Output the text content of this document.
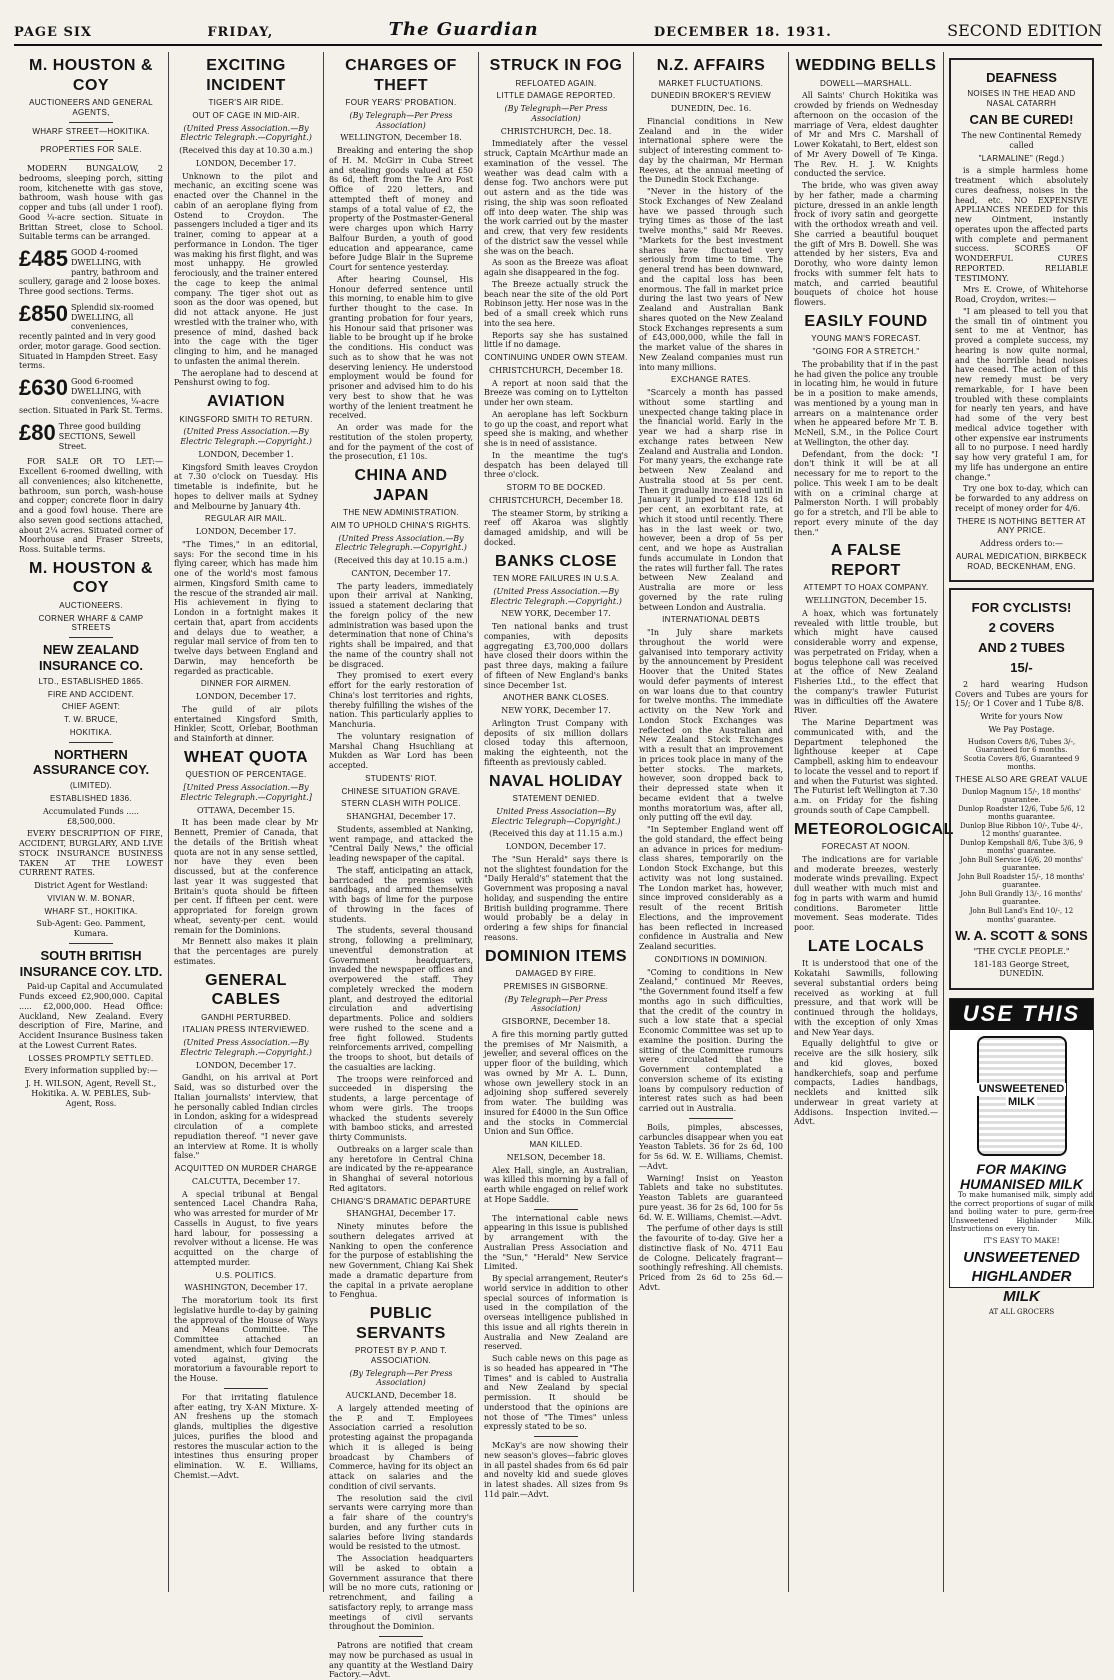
PAGE SIX	FRIDAY,	The Guardian	DECEMBER 18. 1931.	SECOND EDITION
M. HOUSTON & COY
AUCTIONEERS AND GENERAL AGENTS,
WHARF STREET—HOKITIKA.
PROPERTIES FOR SALE.

MODERN BUNGALOW, 2 bedrooms, sleeping porch, sitting room, kitchenette with gas stove, bathroom, wash house with gas copper and tubs (all under 1 roof). Good ¼-acre section. Situate in Brittan Street, close to School. Suitable terms can be arranged.

£485 GOOD 4-roomed DWELLING, with pantry, bathroom and scullery, garage and 2 loose boxes. Three good sections. Terms.
£850 Splendid six-roomed DWELLING, all conveniences, recently painted and in very good order, motor garage. Good section. Situated in Hampden Street. Easy terms.
£630 Good 6-roomed DWELLING, with conveniences, ¼-acre section. Situated in Park St. Terms.
£80 Three good building SECTIONS, Sewell Street.

FOR SALE OR TO LET:—Excellent 6-roomed dwelling, with all conveniences; also kitchenette, bathroom, sun porch, wash-house and copper; concrete floor in dairy and a good fowl house. There are also seven good sections attached, about 2¼ acres. Situated corner of Moorhouse and Fraser Streets, Ross. Suitable terms.

M. HOUSTON & COY
AUCTIONEERS.
CORNER WHARF & CAMP STREETS
NEW ZEALAND INSURANCE CO.
LTD., ESTABLISHED 1865.
FIRE AND ACCIDENT.
CHIEF AGENT:
T. W. BRUCE,
HOKITIKA.
NORTHERN ASSURANCE COY.
(LIMITED).
ESTABLISHED 1836.
Accumulated Funds ..... £8,500,000.

EVERY DESCRIPTION OF FIRE, ACCIDENT, BURGLARY, AND LIVE STOCK INSURANCE BUSINESS TAKEN AT THE LOWEST CURRENT RATES.

District Agent for Westland:
VIVIAN W. M. BONAR,
WHARF ST., HOKITIKA.
Sub-Agent: Geo. Pamment, Kumara.
SOUTH BRITISH INSURANCE COY. LTD.

Paid-up Capital and Accumulated Funds exceed £2,900,000. Capital ..... £2,000,000. Head Office: Auckland, New Zealand. Every description of Fire, Marine, and Accident Insurance Business taken at the Lowest Current Rates.

LOSSES PROMPTLY SETTLED.
Every information supplied by:—
J. H. WILSON, Agent, Revell St., Hokitika. A. W. PEBLES, Sub-Agent, Ross.
EXCITING INCIDENT
TIGER'S AIR RIDE.
OUT OF CAGE IN MID-AIR.
(United Press Association.—By Electric Telegraph.—Copyright.)
(Received this day at 10.30 a.m.)
LONDON, December 17.

Unknown to the pilot and mechanic, an exciting scene was enacted over the Channel in the cabin of an aeroplane flying from Ostend to Croydon. The passengers included a tiger and its trainer, coming to appear at a performance in London. The tiger was making his first flight, and was most unhappy. He growled ferociously, and the trainer entered the cage to keep the animal company. The tiger shot out as soon as the door was opened, but did not attack anyone. He just wrestled with the trainer who, with presence of mind, dashed back into the cage with the tiger clinging to him, and he managed to unfasten the animal therein.

The aeroplane had to descend at Penshurst owing to fog.

AVIATION
KINGSFORD SMITH TO RETURN.
(United Press Association.—By Electric Telegraph.—Copyright.)
LONDON, December 1.

Kingsford Smith leaves Croydon at 7.30 o'clock on Tuesday. His timetable is indefinite, but he hopes to deliver mails at Sydney and Melbourne by January 4th.

REGULAR AIR MAIL.
LONDON, December 17.

"The Times," in an editorial, says: For the second time in his flying career, which has made him one of the world's most famous airmen, Kingsford Smith came to the rescue of the stranded air mail. His achievement in flying to London in a fortnight makes it certain that, apart from accidents and delays due to weather, a regular mail service of from ten to twelve days between England and Darwin, may henceforth be regarded as practicable.

DINNER FOR AIRMEN.
LONDON, December 17.

The guild of air pilots entertained Kingsford Smith, Hinkler, Scott, Orlebar, Boothman and Stainforth at dinner.

WHEAT QUOTA
QUESTION OF PERCENTAGE.
[United Press Association.—By Electric Telegraph.—Copyright.]
OTTAWA, December 15.

It has been made clear by Mr Bennett, Premier of Canada, that the details of the British wheat quota are not in any sense settled, nor have they even been discussed, but at the conference last year it was suggested that Britain's quota should be fifteen per cent. If fifteen per cent. were appropriated for foreign grown wheat, seventy-per cent. would remain for the Dominions.

Mr Bennett also makes it plain that the percentages are purely estimates.

GENERAL CABLES
GANDHI PERTURBED.
ITALIAN PRESS INTERVIEWED.
(United Press Association.—By Electric Telegraph.—Copyright.)
LONDON, December 17.

Gandhi, on his arrival at Port Said, was so disturbed over the Italian journalists' interview, that he personally cabled Indian circles in London, asking for a widespread circulation of a complete repudiation thereof. "I never gave an interview at Rome. It is wholly false."

ACQUITTED ON MURDER CHARGE
CALCUTTA, December 17.

A special tribunal at Bengal sentenced Lacel Chandra Raha, who was arrested for murder of Mr Cassells in August, to five years hard labour, for possessing a revolver without a license. He was acquitted on the charge of attempted murder.

U.S. POLITICS.
WASHINGTON, December 17.

The moratorium took its first legislative hurdle to-day by gaining the approval of the House of Ways and Means Committee. The Committee attached an amendment, which four Democrats voted against, giving the moratorium a favourable report to the House.

For that irritating flatulence after eating, try X-AN Mixture. X-AN freshens up the stomach glands, multiplies the digestive juices, purifies the blood and restores the muscular action to the intestines thus ensuring proper elimination. W. E. Williams, Chemist.—Advt.

CHARGES OF THEFT
FOUR YEARS' PROBATION.
(By Telegraph—Per Press Association)
WELLINGTON, December 18.

Breaking and entering the shop of H. M. McGirr in Cuba Street and stealing goods valued at £50 8s 6d, theft from the Te Aro Post Office of 220 letters, and attempted theft of money and stamps of a total value of £2, the property of the Postmaster-General were charges upon which Harry Balfour Burden, a youth of good education and appearance, came before Judge Blair in the Supreme Court for sentence yesterday.

After hearing Counsel, His Honour deferred sentence until this morning, to enable him to give further thought to the case. In granting probation for four years, his Honour said that prisoner was liable to be brought up if he broke the conditions. His conduct was such as to show that he was not deserving leniency. He understood employment would be found for prisoner and advised him to do his very best to show that he was worthy of the lenient treatment he received.

An order was made for the restitution of the stolen property, and for the payment of the cost of the prosecution, £1 10s.

CHINA AND JAPAN
THE NEW ADMINISTRATION.
AIM TO UPHOLD CHINA'S RIGHTS.
(United Press Association.—By Electric Telegraph.—Copyright.)
(Received this day at 10.15 a.m.)
CANTON, December 17.

The party leaders, immediately upon their arrival at Nanking, issued a statement declaring that the foreign policy of the new administration was based upon the determination that none of China's rights shall be impaired, and that the name of the country shall not be disgraced.

They promised to exert every effort for the early restoration of China's lost territories and rights, thereby fulfilling the wishes of the nation. This particularly applies to Manchuria.

The voluntary resignation of Marshal Chang Hsuchliang at Mukden as War Lord has been accepted.

STUDENTS' RIOT.
CHINESE SITUATION GRAVE.
STERN CLASH WITH POLICE.
SHANGHAI, December 17.

Students, assembled at Nanking, went rampage, and attacked the "Central Daily News," the official leading newspaper of the capital.

The staff, anticipating an attack, barricaded the premises with sandbags, and armed themselves with bags of lime for the purpose of throwing in the faces of students.

The students, several thousand strong, following a preliminary, uneventful demonstration at Government headquarters, invaded the newspaper offices and overpowered the staff. They completely wrecked the modern plant, and destroyed the editorial circulation and advertising departments. Police and soldiers were rushed to the scene and a free fight followed. Students reinforcements arrived, compelling the troops to shoot, but details of the casualties are lacking.

The troops were reinforced and succeeded in dispersing the students, a large percentage of whom were girls. The troops whacked the students severely with bamboo sticks, and arrested thirty Communists.

Outbreaks on a larger scale than any heretofore in Central China are indicated by the re-appearance in Shanghai of several notorious Red agitators.

CHIANG'S DRAMATIC DEPARTURE
SHANGHAI, December 17.

Ninety minutes before the southern delegates arrived at Nanking to open the conference for the purpose of establishing the new Government, Chiang Kai Shek made a dramatic departure from the capital in a private aeroplane to Fenghua.

PUBLIC SERVANTS
PROTEST BY P. AND T. ASSOCIATION.
(By Telegraph—Per Press Association)
AUCKLAND, December 18.

A largely attended meeting of the P. and T. Employees Association carried a resolution protesting against the propaganda which it is alleged is being broadcast by Chambers of Commerce, having for its object an attack on salaries and the condition of civil servants.

The resolution said the civil servants were carrying more than a fair share of the country's burden, and any further cuts in salaries before living standards would be resisted to the utmost.

The Association headquarters will be asked to obtain a Government assurance that there will be no more cuts, rationing or retrenchment, and failing a satisfactory reply, to arrange mass meetings of civil servants throughout the Dominion.

Patrons are notified that cream may now be purchased as usual in any quantity at the Westland Dairy Factory.—Advt.

STRUCK IN FOG
REFLOATED AGAIN.
LITTLE DAMAGE REPORTED.
(By Telegraph—Per Press Association)
CHRISTCHURCH, Dec. 18.

Immediately after the vessel struck, Captain McArthur made an examination of the vessel. The weather was dead calm with a dense fog. Two anchors were put out astern and as the tide was rising, the ship was soon refloated off into deep water. The ship was the work carried out by the master and crew, that very few residents of the district saw the vessel while she was on the beach.

As soon as the Breeze was afloat again she disappeared in the fog.

The Breeze actually struck the beach near the site of the old Port Robinson jetty. Her nose was in the bed of a small creek which runs into the sea here.

Reports say she has sustained little if no damage.

CONTINUING UNDER OWN STEAM.
CHRISTCHURCH, December 18.

A report at noon said that the Breeze was coming on to Lyttelton under her own steam.

An aeroplane has left Sockburn to go up the coast, and report what speed she is making, and whether she is in need of assistance.

In the meantime the tug's despatch has been delayed till three o'clock.

STORM TO BE DOCKED.
CHRISTCHURCH, December 18.

The steamer Storm, by striking a reef off Akaroa was slightly damaged amidship, and will be docked.

BANKS CLOSE
TEN MORE FAILURES IN U.S.A.
(United Press Association.—By Electric Telegraph.—Copyright.)
NEW YORK, December 17.

Ten national banks and trust companies, with deposits aggregating £3,700,000 dollars have closed their doors within the past three days, making a failure of fifteen of New England's banks since December 1st.

ANOTHER BANK CLOSES.
NEW YORK, December 17.

Arlington Trust Company with deposits of six million dollars closed today this afternoon, making the eighteenth, not the fifteenth as previously cabled.

NAVAL HOLIDAY
STATEMENT DENIED.
United Press Association—By Electric Telegraph—Copyright.)
(Received this day at 11.15 a.m.)
LONDON, December 17.

The "Sun Herald" says there is not the slightest foundation for the "Daily Herald's" statement that the Government was proposing a naval holiday, and suspending the entire British building programme. There would probably be a delay in ordering a few ships for financial reasons.

DOMINION ITEMS
DAMAGED BY FIRE.
PREMISES IN GISBORNE.
(By Telegraph—Per Press Association)
GISBORNE, December 18.

A fire this morning partly gutted the premises of Mr Naismith, a jeweller, and several offices on the upper floor of the building, which was owned by Mr A. L. Dunn, whose own jewellery stock in an adjoining shop suffered severely from water. The building was insured for £4000 in the Sun Office and the stocks in Commercial Union and Sun Office.

MAN KILLED.
NELSON, December 18.

Alex Hall, single, an Australian, was killed this morning by a fall of earth while engaged on relief work at Hope Saddle.

The international cable news appearing in this issue is published by arrangement with the Australian Press Association and the "Sun," "Herald" New Service Limited.

By special arrangement, Reuter's world service in addition to other special sources of information is used in the compilation of the overseas intelligence published in this issue and all rights therein in Australia and New Zealand are reserved.

Such cable news on this page as is so headed has appeared in "The Times" and is cabled to Australia and New Zealand by special permission. It should be understood that the opinions are not those of "The Times" unless expressly stated to be so.

McKay's are now showing their new season's gloves—fabric gloves in all pastel shades from 6s 6d pair and novelty kid and suede gloves in latest shades. All sizes from 9s 11d pair.—Advt.

N.Z. AFFAIRS
MARKET FLUCTUATIONS.
DUNEDIN BROKER'S REVIEW
DUNEDIN, Dec. 16.

Financial conditions in New Zealand and in the wider international sphere were the subject of interesting comment to-day by the chairman, Mr Herman Reeves, at the annual meeting of the Dunedin Stock Exchange.

"Never in the history of the Stock Exchanges of New Zealand have we passed through such trying times as those of the last twelve months," said Mr Reeves. "Markets for the best investment shares have fluctuated very seriously from time to time. The general trend has been downward, and the capital loss has been enormous. The fall in market price during the last two years of New Zealand and Australian Bank shares quoted on the New Zealand Stock Exchanges represents a sum of £43,000,000, while the fall in the market value of the shares in New Zealand companies must run into many millions.

EXCHANGE RATES.

"Scarcely a month has passed without some startling and unexpected change taking place in the financial world. Early in the year we had a sharp rise in exchange rates between New Zealand and Australia and London. For many years, the exchange rate between New Zealand and Australia stood at 5s per cent. Then it gradually increased until in January it jumped to £18 12s 6d per cent, an exorbitant rate, at which it stood until recently. There has in the last week or two, however, been a drop of 5s per cent, and we hope as Australian funds accumulate in London that the rates will further fall. The rates between New Zealand and Australia are more or less governed by the rate ruling between London and Australia.

INTERNATIONAL DEBTS

"In July share markets throughout the world were galvanised into temporary activity by the announcement by President Hoover that the United States would defer payments of interest on war loans due to that country for twelve months. The immediate activity on the New York and London Stock Exchanges was reflected on the Australian and New Zealand Stock Exchanges with a result that an improvement in prices took place in many of the better stocks. The markets, however, soon dropped back to their depressed state when it became evident that a twelve months moratorium was, after all, only putting off the evil day.

"In September England went off the gold standard, the effect being an advance in prices for medium-class shares, temporarily on the London Stock Exchange, but this activity was not long sustained. The London market has, however, since improved considerably as a result of the recent British Elections, and the improvement has been reflected in increased confidence in Australia and New Zealand securities.

CONDITIONS IN DOMINION.

"Coming to conditions in New Zealand," continued Mr Reeves, "the Government found itself a few months ago in such difficulties, that the credit of the country in such a low state that a special Economic Committee was set up to examine the position. During the sitting of the Committee rumours were circulated that the Government contemplated a conversion scheme of its existing loans by compulsory reduction of interest rates such as had been carried out in Australia.

Boils, pimples, abscesses, carbuncles disappear when you eat Yeaston Tablets. 36 for 2s 6d, 100 for 5s 6d. W. E. Williams, Chemist.—Advt.

Warning! Insist on Yeaston Tablets and take no substitutes. Yeaston Tablets are guaranteed pure yeast. 36 for 2s 6d, 100 for 5s 6d. W. E. Williams, Chemist.—Advt.

The perfume of other days is still the favourite of to-day. Give her a distinctive flask of No. 4711 Eau de Cologne. Delicately fragrant—soothingly refreshing. All chemists. Priced from 2s 6d to 25s 6d.—Advt.

WEDDING BELLS
DOWELL—MARSHALL.

All Saints' Church Hokitika was crowded by friends on Wednesday afternoon on the occasion of the marriage of Vera, eldest daughter of Mr and Mrs C. Marshall of Lower Kokatahi, to Bert, eldest son of Mr Avery Dowell of Te Kinga. The Rev. H. J. W. Knights conducted the service.

The bride, who was given away by her father, made a charming picture, dressed in an ankle length frock of ivory satin and georgette with the orthodox wreath and veil. She carried a beautiful bouquet the gift of Mrs B. Dowell. She was attended by her sisters, Eva and Dorothy, who wore dainty lemon frocks with summer felt hats to match, and carried beautiful bouquets of choice hot house flowers.

EASILY FOUND
YOUNG MAN'S FORECAST.
"GOING FOR A STRETCH."

The probability that if in the past he had given the police any trouble in locating him, he would in future be in a position to make amends, was mentioned by a young man in arrears on a maintenance order when he appeared before Mr T. B. McNeil, S.M., in the Police Court at Wellington, the other day.

Defendant, from the dock: "I don't think it will be at all necessary for me to report to the police. This week I am to be dealt with on a criminal charge at Palmerston North. I will probably go for a stretch, and I'll be able to report every minute of the day then."

A FALSE REPORT
ATTEMPT TO HOAX COMPANY.
WELLINGTON, December 15.

A hoax, which was fortunately revealed with little trouble, but which might have caused considerable worry and expense, was perpetrated on Friday, when a bogus telephone call was received at the office of New Zealand Fisheries Ltd., to the effect that the company's trawler Futurist was in difficulties off the Awatere River.

The Marine Department was communicated with, and the Department telephoned the lighthouse keeper at Cape Campbell, asking him to endeavour to locate the vessel and to report if and when the Futurist was sighted. The Futurist left Wellington at 7.30 a.m. on Friday for the fishing grounds south of Cape Campbell.

METEOROLOGICAL
FORECAST AT NOON.

The indications are for variable and moderate breezes, westerly moderate winds prevailing. Expect dull weather with much mist and fog in parts with warm and humid conditions. Barometer little movement. Seas moderate. Tides poor.

LATE LOCALS

It is understood that one of the Kokatahi Sawmills, following several substantial orders being received as working at full pressure, and that work will be continued through the holidays, with the exception of only Xmas and New Year days.

Equally delightful to give or receive are the silk hosiery, silk and kid gloves, boxed handkerchiefs, soap and perfume compacts, Ladies handbags, necklets and knitted silk underwear in great variety at Addisons. Inspection invited.—Advt.

DEAFNESS
NOISES IN THE HEAD AND NASAL CATARRH
CAN BE CURED!
The new Continental Remedy called
"LARMALINE" (Regd.)

is a simple harmless home treatment which absolutely cures deafness, noises in the head, etc. NO EXPENSIVE APPLIANCES NEEDED for this new Ointment, instantly operates upon the affected parts with complete and permanent success. SCORES OF WONDERFUL CURES REPORTED. RELIABLE TESTIMONY.

Mrs E. Crowe, of Whitehorse Road, Croydon, writes:—

"I am pleased to tell you that the small tin of ointment you sent to me at Ventnor, has proved a complete success, my hearing is now quite normal, and the horrible head noises have ceased. The action of this new remedy must be very remarkable, for I have been troubled with these complaints for nearly ten years, and have had some of the very best medical advice together with other expensive ear instruments all to no purpose. I need hardly say how very grateful I am, for my life has undergone an entire change."

Try one box to-day, which can be forwarded to any address on receipt of money order for 4/6.

THERE IS NOTHING BETTER AT ANY PRICE.
Address orders to:—
AURAL MEDICATION, BIRKBECK ROAD, BECKENHAM, ENG.
FOR CYCLISTS!
2 COVERS
AND 2 TUBES
15/-

2 hard wearing Hudson Covers and Tubes are yours for 15/; Or 1 Cover and 1 Tube 8/8.

Write for yours Now
We Pay Postage.
Hudson Covers 8/6, Tubes 3/-, Guaranteed for 6 months.
Scotia Covers 8/6, Guaranteed 9 months.
THESE ALSO ARE GREAT VALUE
Dunlop Magnum 15/-, 18 months' guarantee.
Dunlop Roadster 12/6, Tube 5/6, 12 months guarantee.
Dunlop Blue Ribbon 10/-, Tube 4/-, 12 months' guarantee.
Dunlop Kempshall 8/6, Tube 3/6, 9 months' guarantee.
John Bull Service 16/6, 20 months' guarantee.
John Bull Roadster 15/-, 18 months' guarantee.
John Bull Grandly 13/-, 16 months' guarantee.
John Bull Land's End 10/-, 12 months' guarantee.
W. A. SCOTT & SONS
"THE CYCLE PEOPLE."
181-183 George Street, DUNEDIN.
USE THIS
UNSWEETENED
MILK
FOR MAKING HUMANISED MILK

To make humanised milk, simply add the correct proportions of sugar of milk and boiling water to pure, germ-free Unsweetened Highlander Milk. Instructions on every tin.

IT'S EASY TO MAKE!
UNSWEETENED
HIGHLANDER
MILK
AT ALL GROCERS
